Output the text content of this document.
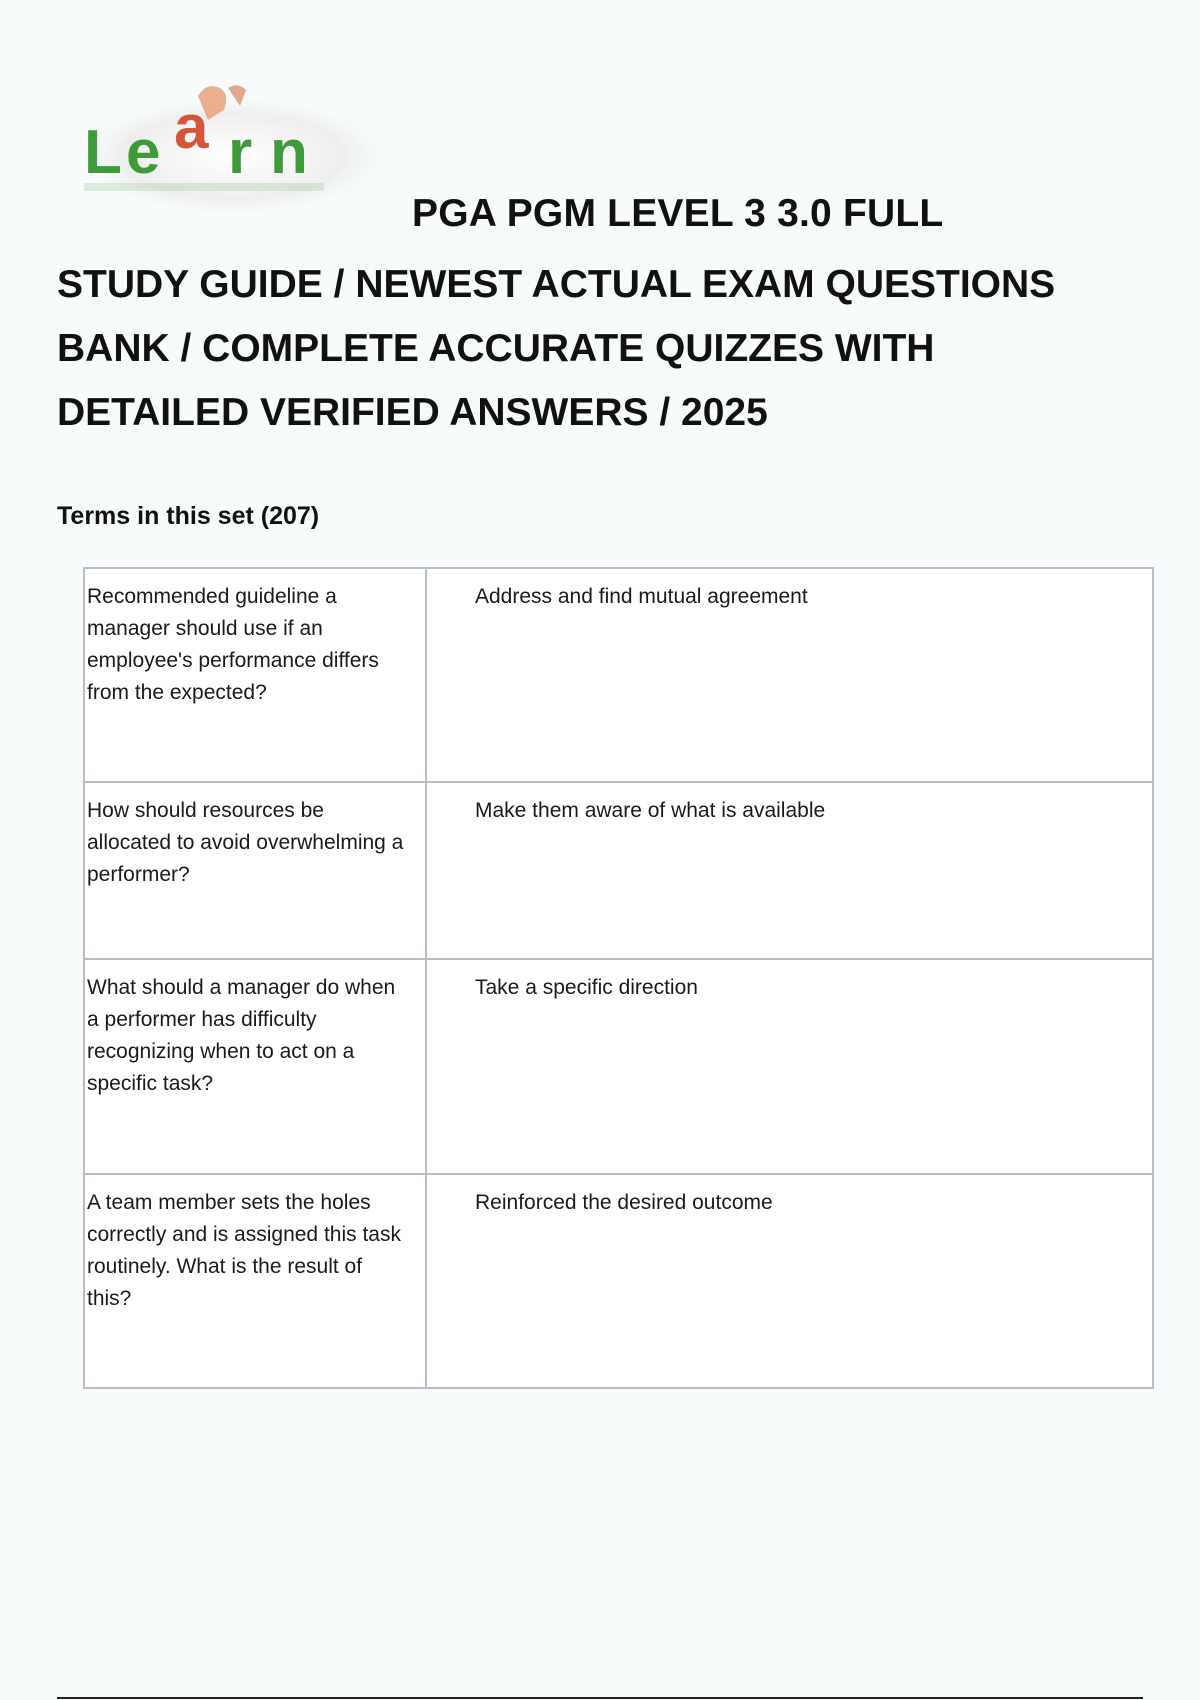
L e a r n
PGA PGM LEVEL 3 3.0 FULL
STUDY GUIDE / NEWEST ACTUAL EXAM QUESTIONS
BANK / COMPLETE ACCURATE QUIZZES WITH
DETAILED VERIFIED ANSWERS / 2025
Terms in this set (207)
Recommended guideline a manager should use if an employee's performance differs from the expected?	Address and find mutual agreement
How should resources be allocated to avoid overwhelming a performer?	Make them aware of what is available
What should a manager do when a performer has difficulty recognizing when to act on a specific task?	Take a specific direction
A team member sets the holes correctly and is assigned this task routinely. What is the result of this?	Reinforced the desired outcome
